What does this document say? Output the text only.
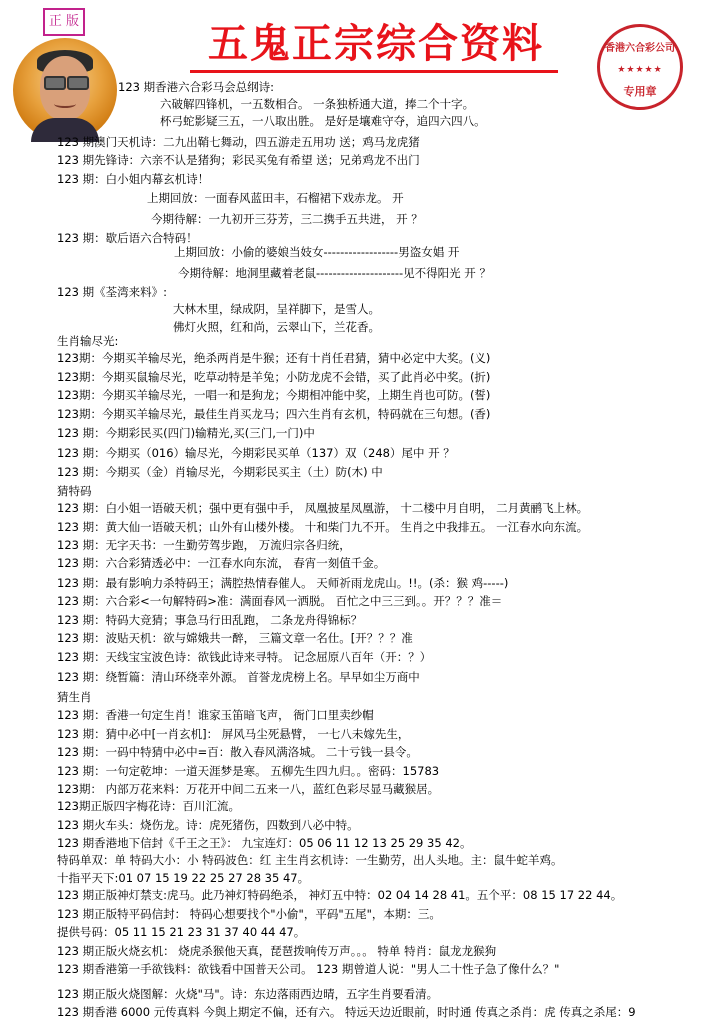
正 版	五鬼正宗综合资料	香港六合彩公司
★★★★★
专用章
123 期香港六合彩马会总纲诗:
六破解四锋机，一五数相合。 一条独桥通大道，捧二个十字。
杯弓蛇影疑三五，一八取出胜。 是好是壤难守夺，追四六四八。
123 期澳门天机诗：二九出鞘七舞动，四五游走五用功 送；鸡马龙虎猪
123 期先锋诗：六亲不认是猪狗；彩民买兔有希望 送；兄弟鸡龙不出门
123 期：白小姐内幕玄机诗！
上期回放：一面春风蓝田丰，石榴裙下戏赤龙。 开
今期待解：一九初开三芬芳，三二携手五共进， 开 ？
123 期：歇后语六合特码！
上期回放：小偷的婆娘当妓女------------------男盗女娼 开
今期待解：地洞里藏着老鼠---------------------见不得阳光 开 ？
123 期《荃湾来料》:
大林木里，绿成阴，呈祥脚下，是雪人。
佛灯火照，红和尚，云翠山下，兰花香。
生肖输尽光:
123期：今期买羊输尽光，绝杀两肖是牛猴；还有十肖任君猜，猜中必定中大奖。(义)
123期：今期买鼠输尽光，吃草动特是羊兔；小防龙虎不会错，买了此肖必中奖。(折)
123期：今期买羊输尽光，一唱一和是狗龙；今期相冲能中奖，上期生肖也可防。(誓)
123期：今期买羊输尽光，最佳生肖买龙马；四六生肖有玄机，特码就在三句想。(香)
123 期：今期彩民买(四门)输精光,买(三门,一门)中
123 期：今期买（016）输尽光，今期彩民买单（137）双（248）尾中 开 ？
123 期：今期买（金）肖输尽光，今期彩民买主（土）防(木) 中
猜特码
123 期：白小姐一语破天机；强中更有强中手， 凤凰披星凤凰游， 十二楼中月自明， 二月黄鹂飞上林。
123 期：黄大仙一语破天机；山外有山楼外楼。 十和柴门九不开。 生肖之中我排五。 一江春水向东流。
123 期：无字天书：一生勤劳驾步跑， 万流归宗各归统，
123 期：六合彩猜透必中：一江春水向东流， 春宵一刻值千金。
123 期：最有影响力杀特码王；满腔热情春催人。 天师祈雨龙虎山。!!。(杀：猴 鸡-----)
123 期：六合彩<一句解特码>准：满面春风一洒脱。 百忙之中三三到。。开？？？准＝
123 期：特码大竞猜；事急马行田乱跑， 二条龙舟得锦标？
123 期：波贴天机：欲与嫦娥共一醉， 三篇文章一名仕。[开？？？准
123 期：天线宝宝波色诗：欲钱此诗来寻特。 记念屈原八百年（开：？）
123 期：绕暂篇：清山环绕幸外源。 首誉龙虎榜上名。早早如尘万商中
猜生肖
123 期：香港一句定生肖！谁家玉笛暗飞声， 衙门口里卖纱帽
123 期：猜中必中[一肖玄机]： 屏风马尘死悬臂， 一七八未嫁先生，
123 期：一码中特猜中必中=百：散入春风满洛城。 二十亏钱一县令。
123 期：一句定乾坤：一道天涯梦是寒。 五柳先生四九归。。密码：15783
123期： 内部万花来料：万花开中间二五来一八，蓝红色彩尽显马藏猴居。
123期正版四字梅花诗：百川汇流。
123 期火车头：烧伤龙。诗：虎死猪伤，四数到八必中特。
123 期香港地下信封《千王之王》： 九宝连灯：05 06 11 12 13 25 29 35 42。
特码单双：单 特码大小：小 特码波色：红 主生肖玄机诗：一生勤劳，出人头地。主：鼠牛蛇羊鸡。
十指平天下:01 07 15 19 22 25 27 28 35 47。
123 期正版神灯禁支:虎马。此乃神灯特码绝杀， 神灯五中特：02 04 14 28 41。五个平：08 15 17 22 44。
123 期正版特平码信封： 特码心想要找个"小偷"，平码"五尾"，本期：三。
提供号码：05 11 15 21 23 31 37 40 44 47。
123 期正版火烧玄机： 烧虎杀猴他天真，琵琶拨响传万声。。。 特单 特肖：鼠龙龙猴狗
123 期香港第一手欲钱料：欲钱看中国普天公司。 123 期曾道人说："男人二十性子急了像什么？"
123 期正版火烧图解：火烧"马"。诗：东边落雨西边晴，五字生肖要看清。
123 期香港 6000 元传真料 今與上期定不偏，还有六。 特远天边近眼前，时时通 传真之杀肖：虎 传真之杀尾：9
